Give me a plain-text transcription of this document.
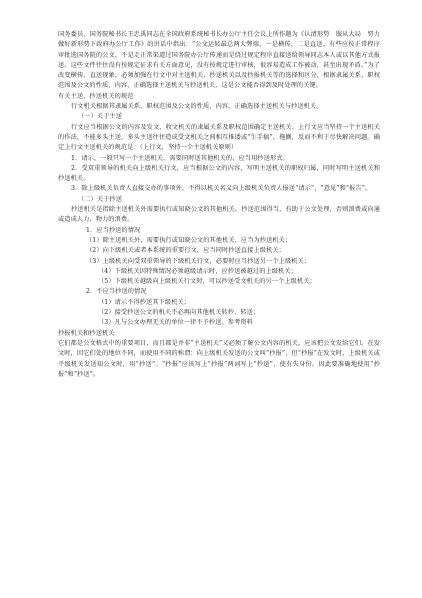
国务委员、国务院秘书长王忠禹同志在全国政府系统秘书长办公厅主任会议上所作题为《认清形势　服从大局　努力做好新形势下政府办公厅工作》的讲话中指出：“公文运转最总两大弊端，一是横传，二是直送。有些应按正常程序审批选国务院的公文，不是走正常渠道过国务院办公厅传递而是绕过规定程序直接送给领导同志本人或以其他方式报送。这些文件往往没有按规定征求有关方面意见，没有按规定进行审核，很容易造成工作被动，甚至出现矛盾。”为了改变横传、直送现象，必须加强在行文中对主送机关、抄送机关以及抄报机关等的选择和区分，根据隶属关系、职权范围及公文的性质、内容，正确选择主送机关与抄送机关，这是公文能否得到及时处理的关键。

有关主送、抄送机关的规范

行文机关根据其隶属关系、职权范围及公文的性质、内容，正确选择主送机关与抄送机关。

（一）关于主送

行文应当根据公文的内容及发文、收文机关的隶属关系及职权范围确定主送机关。上行文应当坚持一个主送机关的作法，不能多头主送。多头主送往往造成受文机关之间相互推诿或“生手搞”，拖搁，反而不利于尽快解决问题。确定上行文主送机关的规范是：（上行文，坚持一个主送机关原则）

1．请示，一般只写一个主送机关，需要同时送其他机关的，应当用抄送形式。

2．受双重领导的机关向上级机关行文，应当根据公文的内容，写明主送机关的职权归属，同时写明主送机关和抄送机关。

3．除上级机关负责人直接交办的事项外，不得以机关名义向上级机关负责人报送“请示”、“意见”和“报告”。

（二）关于抄送

抄送机关是指除主送机关外需要执行或知晓公文的其他机关。抄送范围得当，有助于公文处理，否则浪费或向通或造成人力、物力的浪费。

1．应当抄送的情况

（1）除主送机关外，需要执行或知晓公文的其他机关，应当为抄送机关；

（2）向下级机关或者本系统的重要行文，应当同时抄送直接上级机关；

（3）上级机关向受双重领导的下级机关行文，必要时应当抄送另一个上级机关；

（4）下级机关因特殊情况必须越级请示时，应抄送被越过的上级机关；

（5）下级机关越级向上级机关行文时，可以抄送受文机关的另一个上级机关；

2．不应当抄送的情况

（1）请示不得抄送其下级机关；

（2）接受抄送公文的机关不必再向其他机关转抄、转送；

（3）凡与公文办理无关的单位一律不予抄送。参考资料

抄报机关和抄送机关

它们都是公文格式中的重要项目，而且都是并非“主送机关”又必须了解公文内容的机关，应该把公文发给它们。在发文时，因它们处的地位不同，而使用不同的称谓：向上级机关发送的公文叫“抄报”，但“抄报”在发文时，上级机关或平级机关发送知公文时，用“抄送”。“抄报”应该写上“抄报”两词写上“抄送”，使有失身份。因此要准确地使用“抄报”和“抄送”。
